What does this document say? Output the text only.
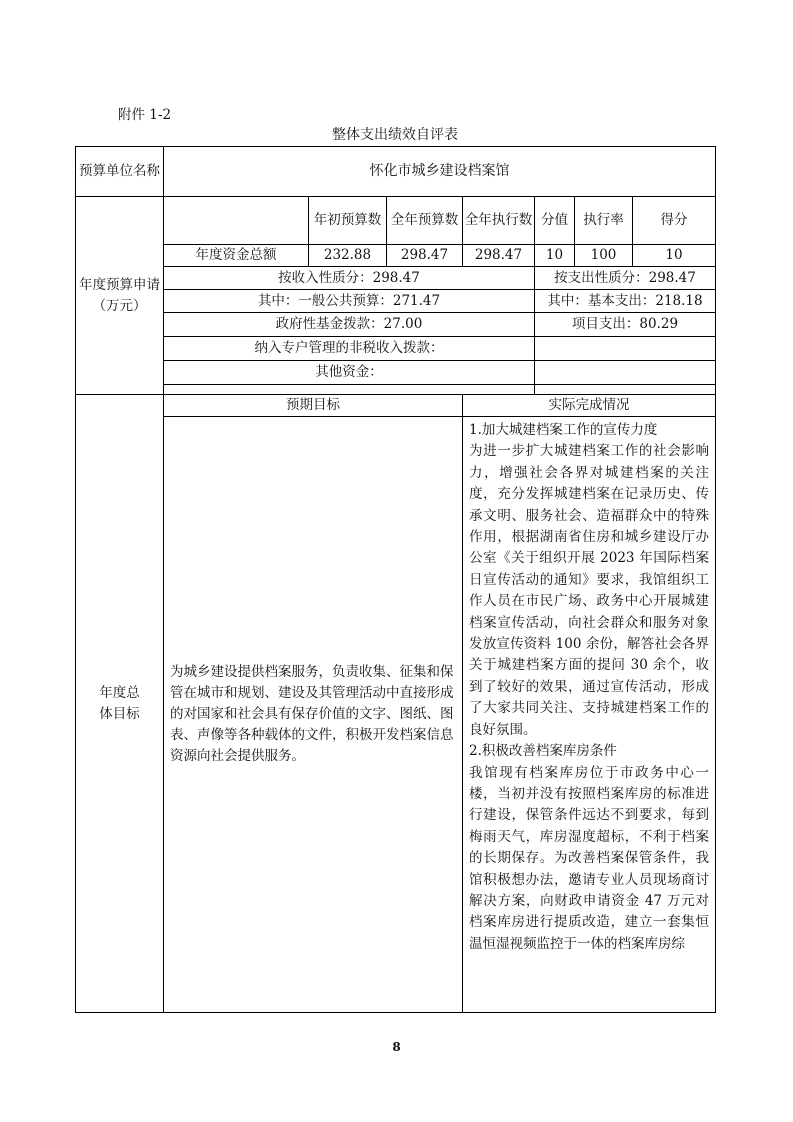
附件 1-2
整体支出绩效自评表
预算单位名称	怀化市城乡建设档案馆						
年度预算申请（万元）		年初预算数	全年预算数	全年执行数	分值	执行率	得分
	年度资金总额	232.88	298.47	298.47	10	100	10
	按收入性质分：298.47				按支出性质分：298.47		
	其中：一般公共预算：271.47				其中：基本支出：218.18		
	政府性基金拨款：27.00				项目支出：80.29		
	纳入专户管理的非税收入拨款：						
	其他资金：						

年度总体目标	预期目标			实际完成情况			
	为城乡建设提供档案服务，负责收集、征集和保管在城市和规划、建设及其管理活动中直接形成的对国家和社会具有保存价值的文字、图纸、图表、声像等各种载体的文件，积极开发档案信息资源向社会提供服务。			1.加大城建档案工作的宣传力度

为进一步扩大城建档案工作的社会影响力，增强社会各界对城建档案的关注度，充分发挥城建档案在记录历史、传承文明、服务社会、造福群众中的特殊作用，根据湖南省住房和城乡建设厅办公室《关于组织开展 2023 年国际档案日宣传活动的通知》要求，我馆组织工作人员在市民广场、政务中心开展城建档案宣传活动，向社会群众和服务对象发放宣传资料 100 余份，解答社会各界关于城建档案方面的提问 30 余个，收到了较好的效果，通过宣传活动，形成了大家共同关注、支持城建档案工作的良好氛围。

2.积极改善档案库房条件

我馆现有档案库房位于市政务中心一楼，当初并没有按照档案库房的标准进行建设，保管条件远达不到要求，每到梅雨天气，库房湿度超标，不利于档案的长期保存。为改善档案保管条件，我馆积极想办法，邀请专业人员现场商讨解决方案，向财政申请资金 47 万元对档案库房进行提质改造，建立一套集恒温恒湿视频监控于一体的档案库房综			

8
